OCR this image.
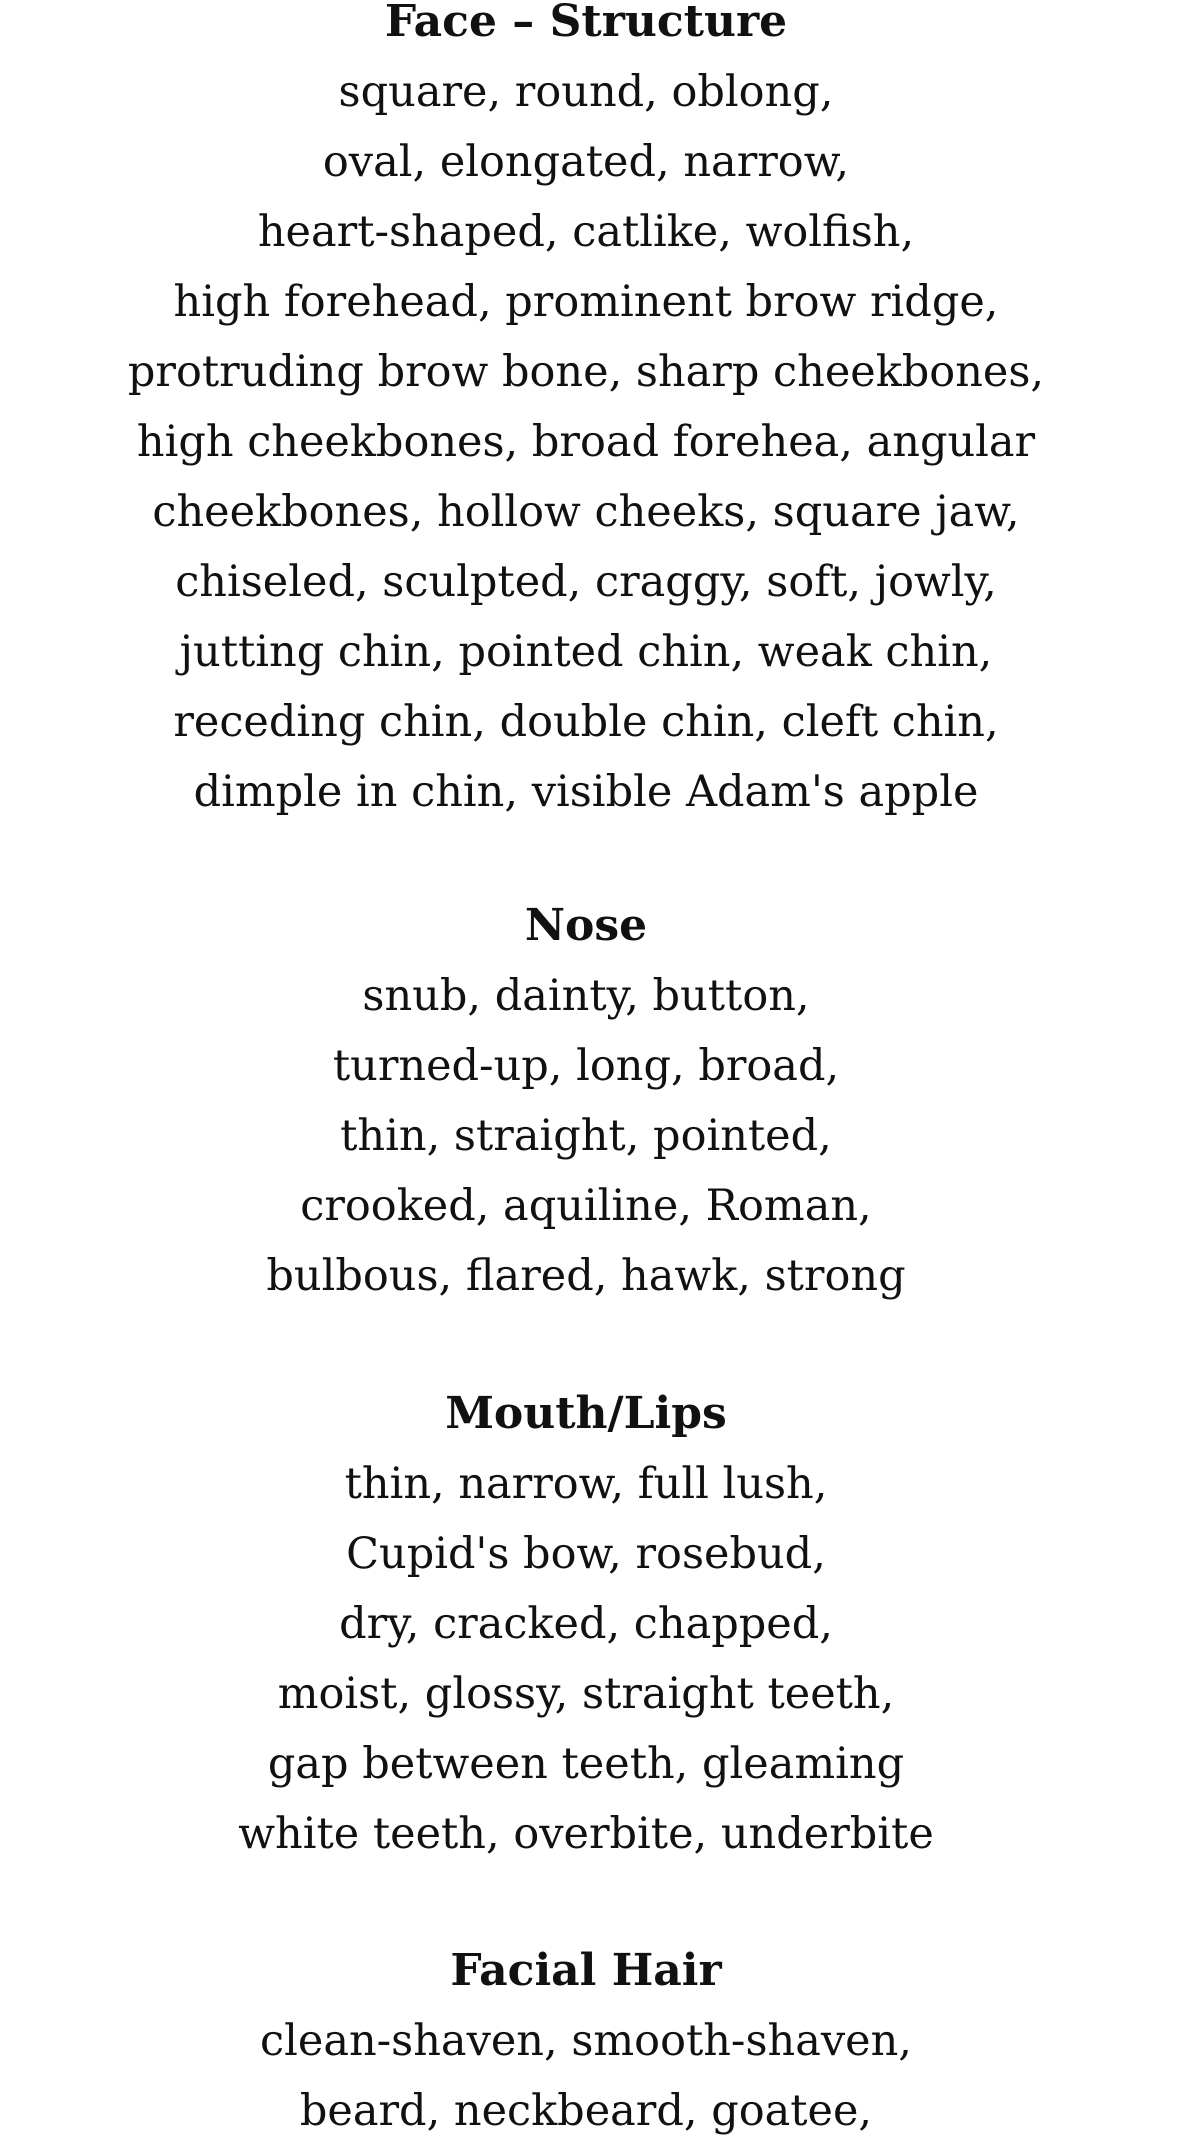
Face – Structure

square, round, oblong,

oval, elongated, narrow,

heart-shaped, catlike, wolfish,

high forehead, prominent brow ridge,

protruding brow bone, sharp cheekbones,

high cheekbones, broad forehea, angular

cheekbones, hollow cheeks, square jaw,

chiseled, sculpted, craggy, soft, jowly,

jutting chin, pointed chin, weak chin,

receding chin, double chin, cleft chin,

dimple in chin, visible Adam's apple

Nose

snub, dainty, button,

turned-up, long, broad,

thin, straight, pointed,

crooked, aquiline, Roman,

bulbous, flared, hawk, strong

Mouth/Lips

thin, narrow, full lush,

Cupid's bow, rosebud,

dry, cracked, chapped,

moist, glossy, straight teeth,

gap between teeth, gleaming

white teeth, overbite, underbite

Facial Hair

clean-shaven, smooth-shaven,

beard, neckbeard, goatee,
